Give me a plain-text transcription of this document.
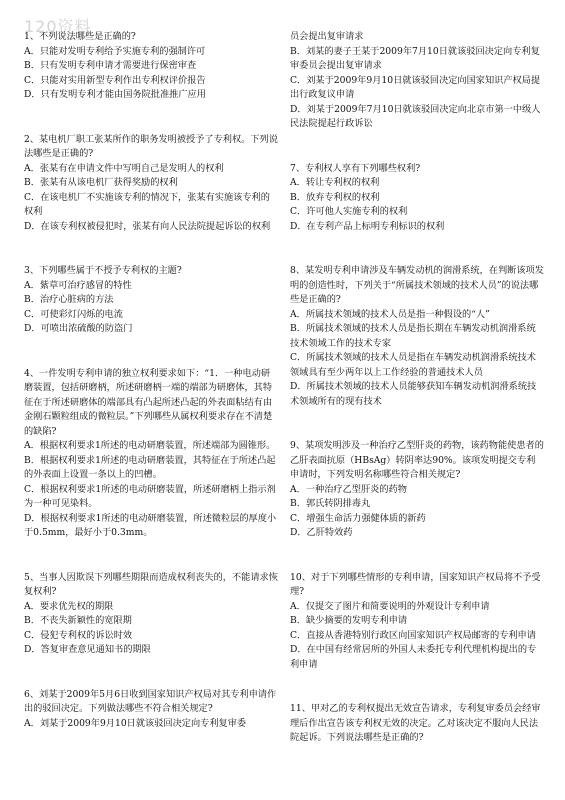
120资料

1、不列说法哪些是正确的?

A．只能对发明专利给予实施专利的强制许可

B．只有发明专利申请才需要进行保密审查

C．只能对实用新型专利作出专利权评价报告

D．只有发明专利才能由国务院批准推广应用

2、某电机厂职工张某所作的职务发明被授予了专利权。下列说法哪些是正确的?

A．张某有在申请文件中写明自己是发明人的权利

B．张某有从该电机厂获得奖励的权利

C．在该电机厂不实施该专利的情况下，张某有实施该专利的权利

D．在该专利权被侵犯时，张某有向人民法院提起诉讼的权利

3、下列哪些属于不授予专利权的主题?

A．紫草可治疗感冒的特性

B．治疗心脏病的方法

C．可使彩灯闪烁的电流

D．可喷出浓硫酸的防盗门

4、一件发明专利申请的独立权利要求如下：“1．一种电动研磨装置，包括研磨柄，所述研磨柄一端的端部为研磨体，其特征在于所述研磨体的端部具有凸起所述凸起的外表面粘结有由金刚石颗粒组成的微粒层。”下列哪些从属权利要求存在不清楚的缺陷?

A．根据权利要求1所述的电动研磨装置，所述端部为圆锥形。

B．根据权利要求1所述的电动研磨装置，其特征在于所述凸起的外表面上设置一条以上的凹槽。

C．根据权利要求1所述的电动研磨装置，所述研磨柄上指示剂为一种可见染料。

D．根据权利要求1所述的电动研磨装置，所述微粒层的厚度小于0.5mm，最好小于0.3mm。

5、当事人因欺误下列哪些期限而造成权利丧失的，不能请求恢复权利?

A．要求优先权的期限

B．不丧失新颖性的宽限期

C．侵犯专利权的诉讼时效

D．答复审查意见通知书的期限

6、刘某于2009年5月6日收到国家知识产权局对其专利申请作出的驳回决定。下列做法哪些不符合相关规定?

A．刘某于2009年9月10日就该驳回决定向专利复审委

员会提出复审请求

B．刘某的妻子王某于2009年7月10日就该驳回决定向专利复审委员会提出复审请求

C．刘某于2009年9月10日就该驳回决定向国家知识产权局提出行政复议申请

D．刘某于2009年7月10日就该驳回决定向北京市第一中级人民法院提起行政诉讼

7、专利权人享有下列哪些权利?

A．转让专利权的权利

B．放弃专利权的权利

C．许可他人实施专利的权利

D．在专利产品上标明专利标识的权利

8、某发明专利申请涉及车辆发动机的润滑系统，在判断该项发明的创造性时，下列关于“所属技术领域的技术人员”的说法哪些是正确的?

A．所属技术领域的技术人员是指一种假设的“人”

B．所属技术领域的技术人员是指长期在车辆发动机润滑系统技术领域工作的技术专家

C．所属技术领域的技术人员是指在车辆发动机润滑系统技术领域具有至少两年以上工作经验的普通技术人员

D．所属技术领域的技术人员能够获知车辆发动机润滑系统技术领域所有的现有技术

9、某项发明涉及一种治疗乙型肝炎的药物，该药物能使患者的乙肝表面抗原（HBsAg）转阴率达90%。该项发明提交专利申请时，下列发明名称哪些符合相关规定?

A．一种治疗乙型肝炎的药物

B．郭氏转阴排毒丸

C．增强生命活力强健体质的新药

D．乙肝特效药

10、对于下列哪些情形的专利申请，国家知识产权局将不予受理?

A．仅提交了图片和简要说明的外观设计专利申请

B．缺少摘要的发明专利申请

C．直接从香港特别行政区向国家知识产权局邮寄的专利申请

D．在中国有经常居所的外国人未委托专利代理机构提出的专利申请

11、甲对乙的专利权提出无效宣告请求，专利复审委员会经审理后作出宣告该专利权无效的决定。乙对该决定不服向人民法院起诉。下列说法哪些是正确的?
